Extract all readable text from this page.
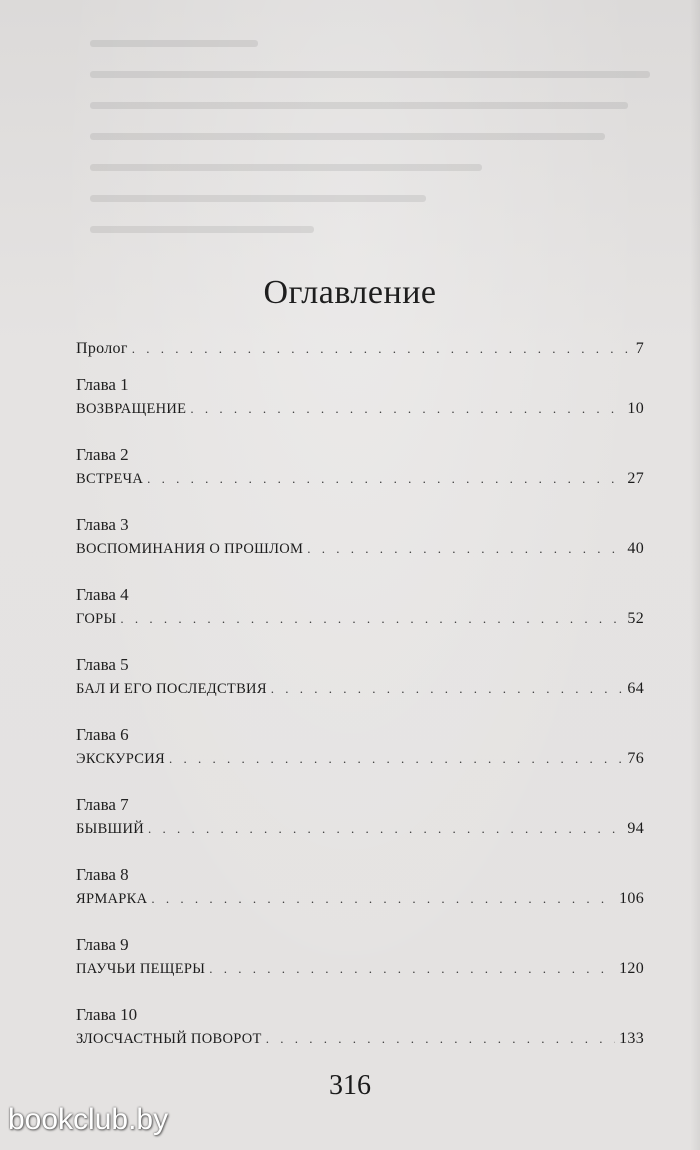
Оглавление
Пролог . . .	7
Глава 1
ВОЗВРАЩЕНИЕ . . .	10
Глава 2
ВСТРЕЧА . . .	27
Глава 3
ВОСПОМИНАНИЯ О ПРОШЛОМ . . .	40
Глава 4
ГОРЫ . . .	52
Глава 5
БАЛ И ЕГО ПОСЛЕДСТВИЯ . . .	64
Глава 6
ЭКСКУРСИЯ . . .	76
Глава 7
БЫВШИЙ . . .	94
Глава 8
ЯРМАРКА . . .	106
Глава 9
ПАУЧЬИ ПЕЩЕРЫ . . .	120
Глава 10
ЗЛОСЧАСТНЫЙ ПОВОРОТ . . .	133
316
bookclub.by
